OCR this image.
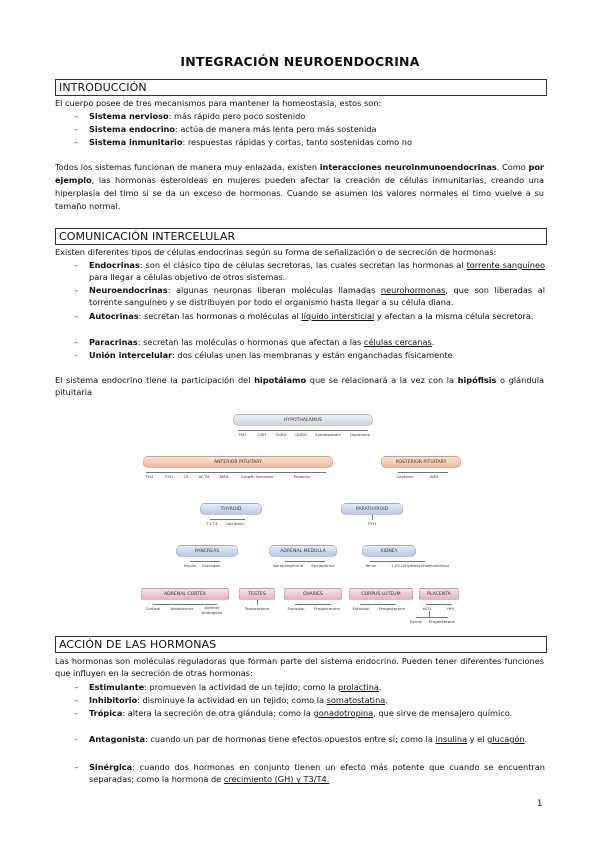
INTEGRACIÓN NEUROENDOCRINA
INTRODUCCIÓN
El cuerpo posee de tres mecanismos para mantener la homeostasia, estos son:
-	Sistema nervioso: más rápido pero poco sostenido
-	Sistema endocrino: actúa de manera más lenta pero más sostenida
-	Sistema inmunitario: respuestas rápidas y cortas, tanto sostenidas como no
Todos los sistemas funcionan de manera muy enlazada, existen interacciones neuroinmunoendocrinas. Como por ejemplo, las hormonas esteroideas en mujeres pueden afectar la creación de células inmunitarias, creando una hiperplasia del timo si se da un exceso de hormonas. Cuando se asumen los valores normales el timo vuelve a su tamaño normal.
COMUNICACIÓN INTERCELULAR
Existen diferentes tipos de células endocrinas según su forma de señalización o de secreción de hormonas:
-	Endocrinas: son el clásico tipo de células secretoras, las cuales secretan las hormonas al torrente sanguíneo para llegar a células objetivo de otros sistemas.
-	Neuroendocrinas: algunas neuronas liberan moléculas llamadas neurohormonas, que son liberadas al torrente sanguíneo y se distribuyen por todo el organismo hasta llegar a su célula diana.
-	Autocrinas: secretan las hormonas o moléculas al líquido intersticial y afectan a la misma célula secretora.
-	Paracrinas: secretan las moléculas o hormonas que afectan a las células cercanas.
-	Unión intercelular: dos células unen las membranas y están enganchadas físicamente
El sistema endocrino tiene la participación del hipotálamo que se relacionará a la vez con la hipófisis o glándula pituitaria
HYPOTHALAMUS
TRH	CRH GnRH GHRH Somatostatin Dopamine
ANTERIOR PITUITARY
TSH	FSH	LH	ACTH	MSH	Growth hormone	Prolactin
POSTERIOR PITUITARY
Oxytocin	ADH
THYROID
T3,T4 Calcitonin
PARATHYROID
PTH
PANCREAS
Insulin Glucagon
ADRENAL MEDULLA
Norepinephrine Epinephrine
KIDNEY
Renin	1,25-Dihydroxycholecalciferol
ADRENAL CORTEX
Cortisol	Aldosterone	Adrenal androgens
TESTES
Testosterone
OVARIES
Estradiol Progesterone
CORPUS LUTEUM
Estradiol Progesterone
PLACENTA
HCG	HPL
Estriol Progesterone
ACCIÓN DE LAS HORMONAS
Las hormonas son moléculas reguladoras que forman parte del sistema endocrino. Pueden tener diferentes funciones que influyen en la secreción de otras hormonas:
-	Estimulante: promueven la actividad de un tejido; como la prolactina.
-	Inhibitorio: disminuye la actividad en un tejido; como la somatostatina.
-	Trópica: altera la secreción de otra glándula; como la gonadotropina, que sirve de mensajero químico.
-	Antagonista: cuando un par de hormonas tiene efectos opuestos entre sí; como la insulina y el glucagón.
-	Sinérgica: cuando dos hormonas en conjunto tienen un efecto más potente que cuando se encuentran separadas; como la hormona de crecimiento (GH) y T3/T4.
1
